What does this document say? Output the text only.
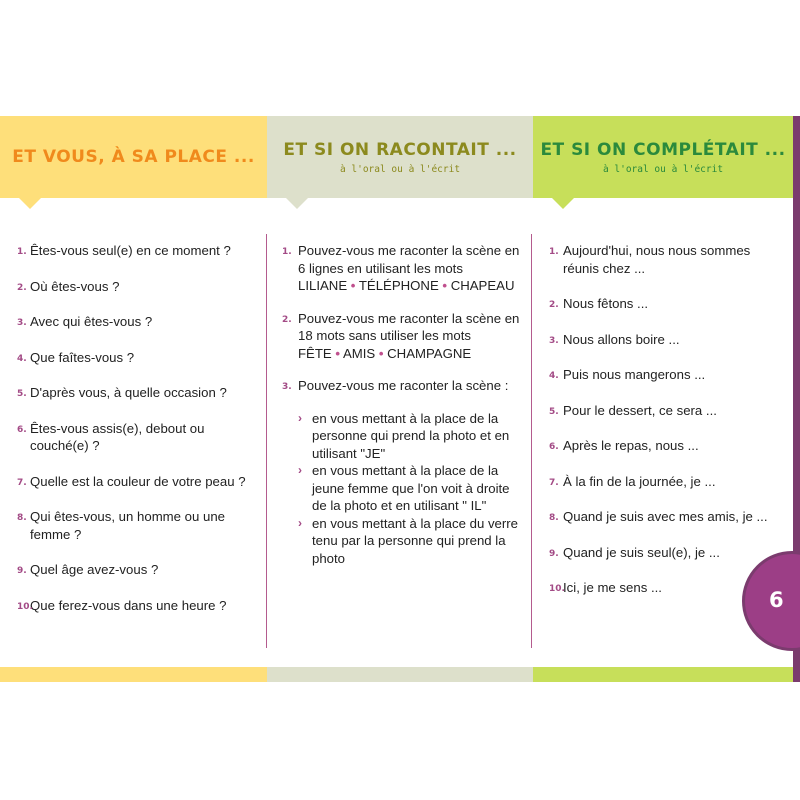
ET VOUS, À SA PLACE ... ET SI ON RACONTAIT ...
à l'oral ou à l'écrit
ET SI ON COMPLÉTAIT ...
à l'oral ou à l'écrit
1. Êtes-vous seul(e) en ce moment ?
2. Où êtes-vous ?
3. Avec qui êtes-vous ?
4. Que faîtes-vous ?
5. D'après vous, à quelle occasion ?
6. Êtes-vous assis(e), debout ou couché(e) ?
7. Quelle est la couleur de votre peau ?
8. Qui êtes-vous, un homme ou une femme ?
9. Quel âge avez-vous ?
10.
Que ferez-vous dans une heure ?
1. Pouvez-vous me raconter la scène en 6 lignes en utilisant les mots
LILIANE • TÉLÉPHONE • CHAPEAU
2. Pouvez-vous me raconter la scène en 18 mots sans utiliser les mots
FÊTE • AMIS • CHAMPAGNE
3. Pouvez-vous me raconter la scène :
› en vous mettant à la place de la personne qui prend la photo et en utilisant "JE"
› en vous mettant à la place de la jeune femme que l'on voit à droite de la photo et en utilisant " IL"
› en vous mettant à la place du verre tenu par la personne qui prend la photo
1. Aujourd'hui, nous nous sommes réunis chez ...
2. Nous fêtons ...
3. Nous allons boire ...
4. Puis nous mangerons ...
5. Pour le dessert, ce sera ...
6. Après le repas, nous ...
7. À la fin de la journée, je ...
8. Quand je suis avec mes amis, je ...
9. Quand je suis seul(e), je ...
10.
Ici, je me sens ...
6
